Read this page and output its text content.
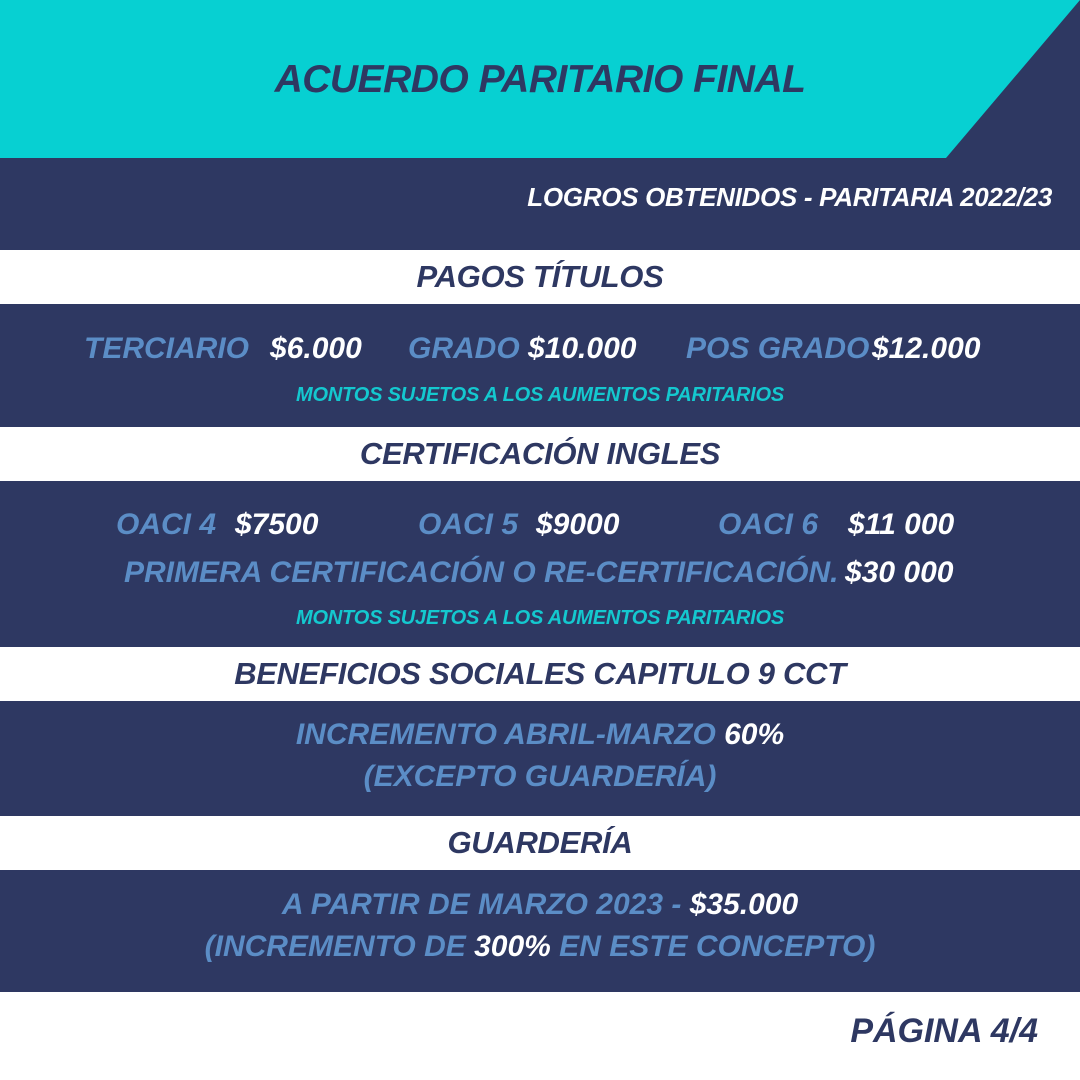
ACUERDO PARITARIO FINAL
LOGROS OBTENIDOS - PARITARIA 2022/23
PAGOS TÍTULOS
TERCIARIO $6.000 GRADO $10.000 POS GRADO $12.000
MONTOS SUJETOS A LOS AUMENTOS PARITARIOS
CERTIFICACIÓN INGLES
OACI 4 $7500	OACI 5 $9000	OACI 6 $11 000
PRIMERA CERTIFICACIÓN O RE-CERTIFICACIÓN. $30 000
MONTOS SUJETOS A LOS AUMENTOS PARITARIOS
BENEFICIOS SOCIALES CAPITULO 9 CCT
INCREMENTO ABRIL-MARZO 60%
(EXCEPTO GUARDERÍA)
GUARDERÍA
A PARTIR DE MARZO 2023 - $35.000
(INCREMENTO DE 300% EN ESTE CONCEPTO)
PÁGINA 4/4
